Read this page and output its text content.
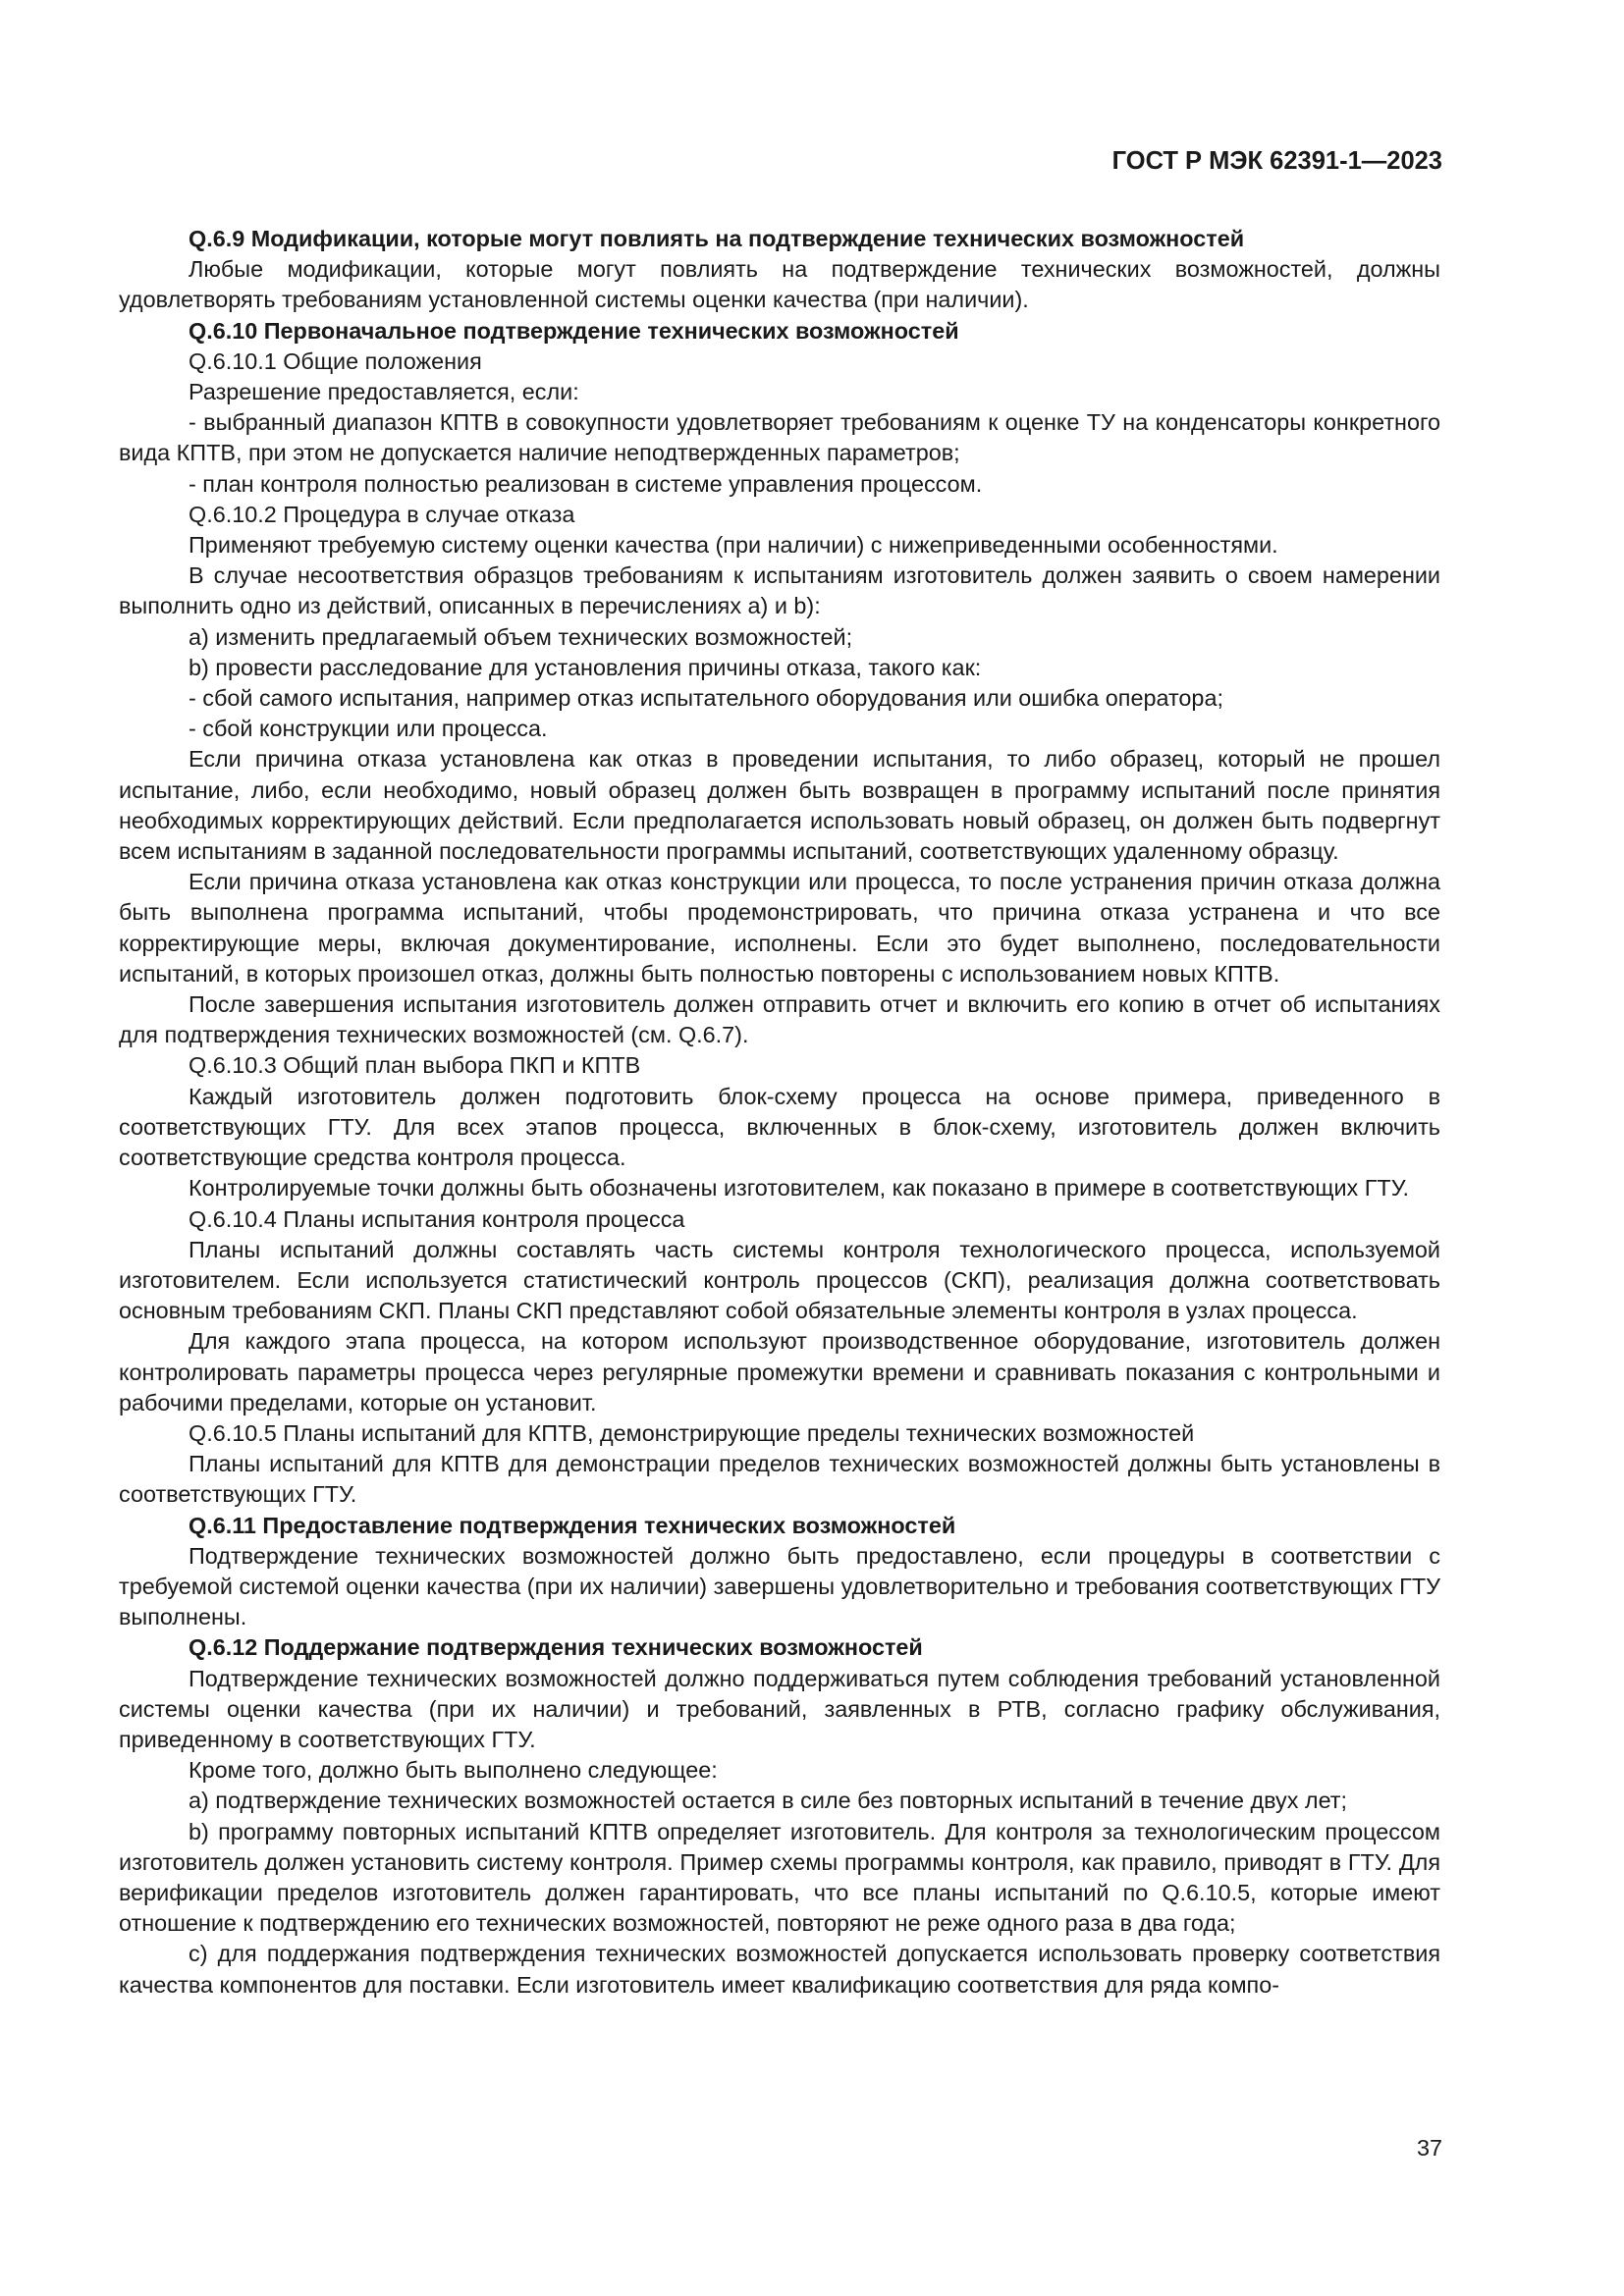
ГОСТ Р МЭК 62391-1—2023

Q.6.9 Модификации, которые могут повлиять на подтверждение технических возможностей

Любые модификации, которые могут повлиять на подтверждение технических возможностей, должны удовлетворять требованиям установленной системы оценки качества (при наличии).

Q.6.10 Первоначальное подтверждение технических возможностей

Q.6.10.1 Общие положения

Разрешение предоставляется, если:

- выбранный диапазон КПТВ в совокупности удовлетворяет требованиям к оценке ТУ на конденсаторы конкретного вида КПТВ, при этом не допускается наличие неподтвержденных параметров;

- план контроля полностью реализован в системе управления процессом.

Q.6.10.2 Процедура в случае отказа

Применяют требуемую систему оценки качества (при наличии) с нижеприведенными особенностями.

В случае несоответствия образцов требованиям к испытаниям изготовитель должен заявить о своем намерении выполнить одно из действий, описанных в перечислениях а) и b):

а) изменить предлагаемый объем технических возможностей;

b) провести расследование для установления причины отказа, такого как:

- сбой самого испытания, например отказ испытательного оборудования или ошибка оператора;

- сбой конструкции или процесса.

Если причина отказа установлена как отказ в проведении испытания, то либо образец, который не прошел испытание, либо, если необходимо, новый образец должен быть возвращен в программу испытаний после принятия необходимых корректирующих действий. Если предполагается использовать новый образец, он должен быть подвергнут всем испытаниям в заданной последовательности программы испытаний, соответствующих удаленному образцу.

Если причина отказа установлена как отказ конструкции или процесса, то после устранения причин отказа должна быть выполнена программа испытаний, чтобы продемонстрировать, что причина отказа устранена и что все корректирующие меры, включая документирование, исполнены. Если это будет выполнено, последовательности испытаний, в которых произошел отказ, должны быть полностью повторены с использованием новых КПТВ.

После завершения испытания изготовитель должен отправить отчет и включить его копию в отчет об испытаниях для подтверждения технических возможностей (см. Q.6.7).

Q.6.10.3 Общий план выбора ПКП и КПТВ

Каждый изготовитель должен подготовить блок-схему процесса на основе примера, приведенного в соответствующих ГТУ. Для всех этапов процесса, включенных в блок-схему, изготовитель должен включить соответствующие средства контроля процесса.

Контролируемые точки должны быть обозначены изготовителем, как показано в примере в соответствующих ГТУ.

Q.6.10.4 Планы испытания контроля процесса

Планы испытаний должны составлять часть системы контроля технологического процесса, используемой изготовителем. Если используется статистический контроль процессов (СКП), реализация должна соответствовать основным требованиям СКП. Планы СКП представляют собой обязательные элементы контроля в узлах процесса.

Для каждого этапа процесса, на котором используют производственное оборудование, изготовитель должен контролировать параметры процесса через регулярные промежутки времени и сравнивать показания с контрольными и рабочими пределами, которые он установит.

Q.6.10.5 Планы испытаний для КПТВ, демонстрирующие пределы технических возможностей

Планы испытаний для КПТВ для демонстрации пределов технических возможностей должны быть установлены в соответствующих ГТУ.

Q.6.11 Предоставление подтверждения технических возможностей

Подтверждение технических возможностей должно быть предоставлено, если процедуры в соответствии с требуемой системой оценки качества (при их наличии) завершены удовлетворительно и требования соответствующих ГТУ выполнены.

Q.6.12 Поддержание подтверждения технических возможностей

Подтверждение технических возможностей должно поддерживаться путем соблюдения требований установленной системы оценки качества (при их наличии) и требований, заявленных в РТВ, согласно графику обслуживания, приведенному в соответствующих ГТУ.

Кроме того, должно быть выполнено следующее:

а) подтверждение технических возможностей остается в силе без повторных испытаний в течение двух лет;

b) программу повторных испытаний КПТВ определяет изготовитель. Для контроля за технологическим процессом изготовитель должен установить систему контроля. Пример схемы программы контроля, как правило, приводят в ГТУ. Для верификации пределов изготовитель должен гарантировать, что все планы испытаний по Q.6.10.5, которые имеют отношение к подтверждению его технических возможностей, повторяют не реже одного раза в два года;

c) для поддержания подтверждения технических возможностей допускается использовать проверку соответствия качества компонентов для поставки. Если изготовитель имеет квалификацию соответствия для ряда компо-

37
